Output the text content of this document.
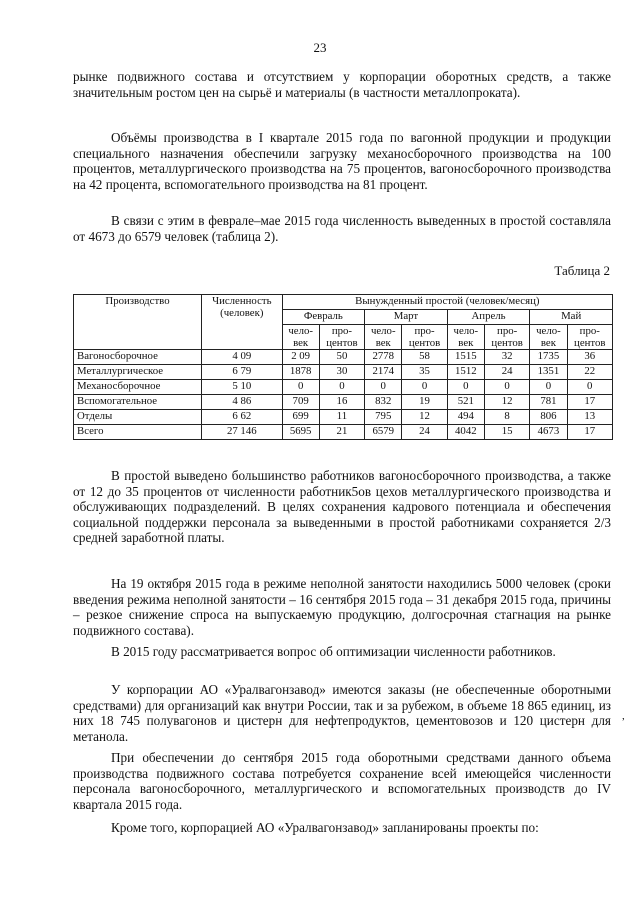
23

рынке подвижного состава и отсутствием у корпорации оборотных средств, а также значительным ростом цен на сырьё и материалы (в частности металлопроката).

Объёмы производства в I квартале 2015 года по вагонной продукции и продукции специального назначения обеспечили загрузку механосборочного производства на 100 процентов, металлургического производства на 75 процентов, вагоносборочного производства на 42 процента, вспомогательного производства на 81 процент.

В связи с этим в феврале–мае 2015 года численность выведенных в простой составляла от 4673 до 6579 человек (таблица 2).

Таблица 2
Производство	Численность (человек)	Вынужденный простой (человек/месяц)							
		Февраль		Март		Апрель		Май	
		чело- век	про- центов	чело- век	про- центов	чело- век	про- центов	чело- век	про- центов
Вагоносборочное	4 09	2 09	50	2778	58	1515	32	1735	36
Металлургическое	6 79	1878	30	2174	35	1512	24	1351	22
Механосборочное	5 10	0	0	0	0	0	0	0	0
Вспомогательное	4 86	709	16	832	19	521	12	781	17
Отделы	6 62	699	11	795	12	494	8	806	13
Всего	27 146	5695	21	6579	24	4042	15	4673	17

В простой выведено большинство работников вагоносборочного производства, а также от 12 до 35 процентов от численности работник5ов цехов металлургического производства и обслуживающих подразделений. В целях сохранения кадрового потенциала и обеспечения социальной поддержки персонала за выведенными в простой работниками сохраняется 2/3 средней заработной платы.

На 19 октября 2015 года в режиме неполной занятости находились 5000 человек (сроки введения режима неполной занятости – 16 сентября 2015 года – 31 декабря 2015 года, причины – резкое снижение спроса на выпускаемую продукцию, долгосрочная стагнация на рынке подвижного состава).

В 2015 году рассматривается вопрос об оптимизации численности работников.

У корпорации АО «Уралвагонзавод» имеются заказы (не обеспеченные оборотными средствами) для организаций как внутри России, так и за рубежом, в объеме 18 865 единиц, из них 18 745 полувагонов и цистерн для нефтепродуктов, цементовозов и 120 цистерн для метанола.

При обеспечении до сентября 2015 года оборотными средствами данного объема производства подвижного состава потребуется сохранение всей имеющейся численности персонала вагоносборочного, металлургического и вспомогательных производств до IV квартала 2015 года.

Кроме того, корпорацией АО «Уралвагонзавод» запланированы проекты по:

,
